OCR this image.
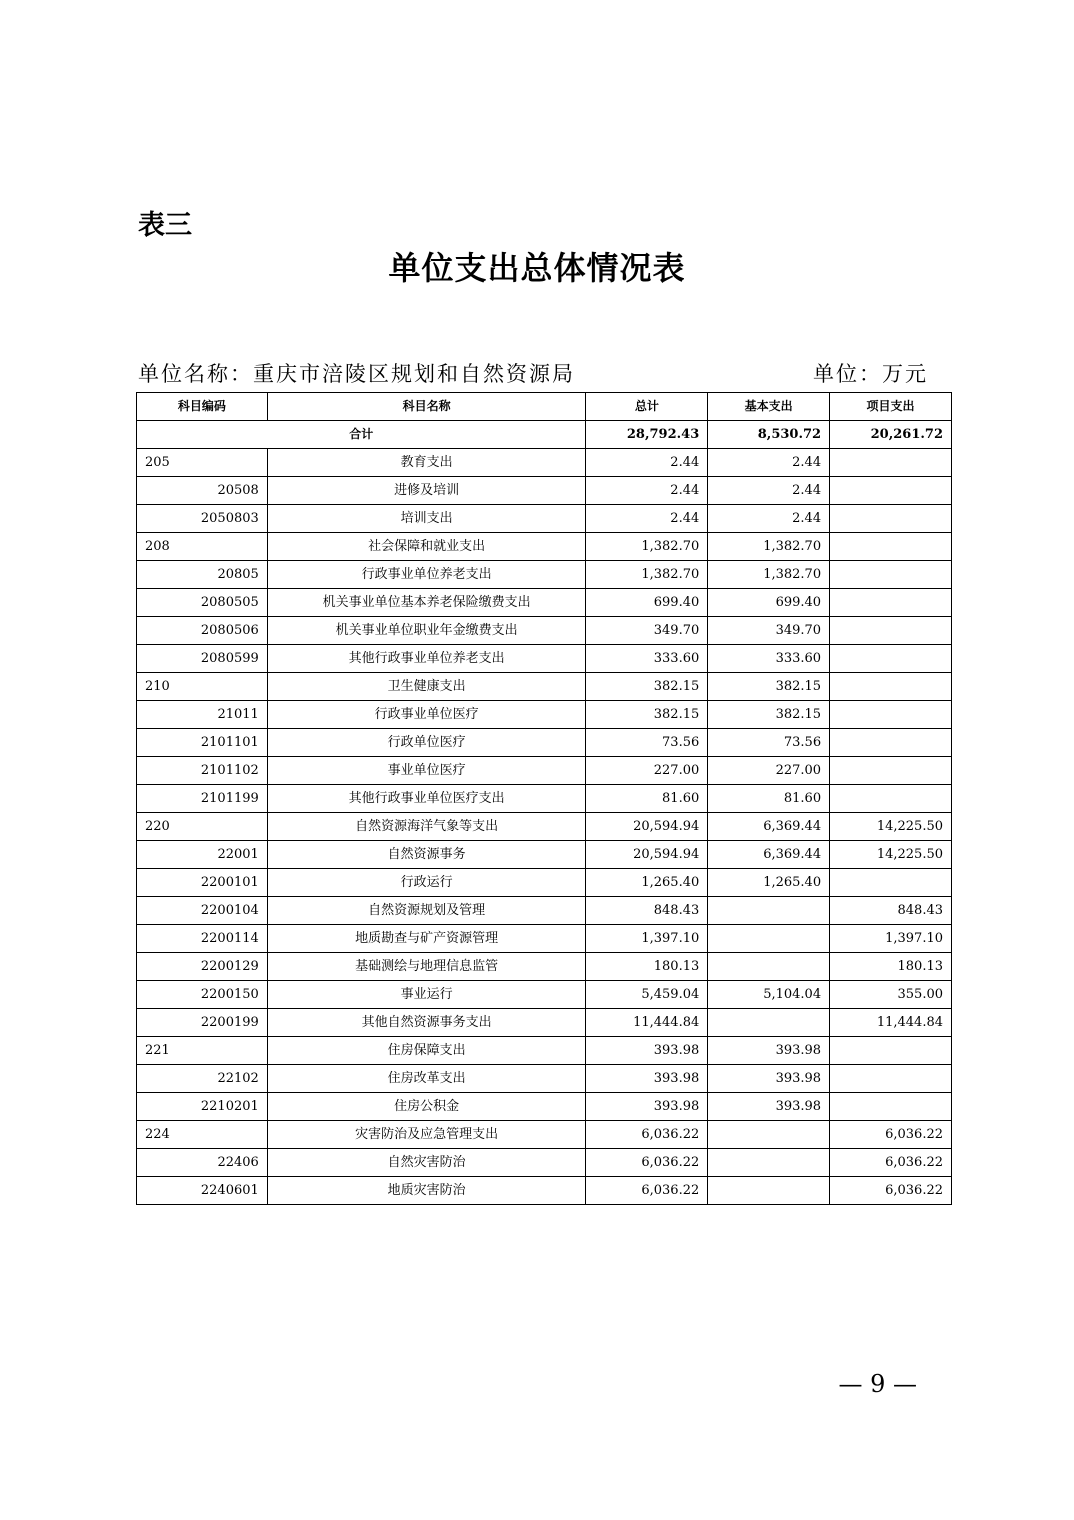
表三
单位支出总体情况表
单位名称：重庆市涪陵区规划和自然资源局	单位：万元
科目编码	科目名称	总计	基本支出	项目支出
合计		28,792.43	8,530.72	20,261.72
205	教育支出	2.44	2.44	
20508	进修及培训	2.44	2.44	
2050803	培训支出	2.44	2.44	
208	社会保障和就业支出	1,382.70	1,382.70	
20805	行政事业单位养老支出	1,382.70	1,382.70	
2080505	机关事业单位基本养老保险缴费支出	699.40	699.40	
2080506	机关事业单位职业年金缴费支出	349.70	349.70	
2080599	其他行政事业单位养老支出	333.60	333.60	
210	卫生健康支出	382.15	382.15	
21011	行政事业单位医疗	382.15	382.15	
2101101	行政单位医疗	73.56	73.56	
2101102	事业单位医疗	227.00	227.00	
2101199	其他行政事业单位医疗支出	81.60	81.60	
220	自然资源海洋气象等支出	20,594.94	6,369.44	14,225.50
22001	自然资源事务	20,594.94	6,369.44	14,225.50
2200101	行政运行	1,265.40	1,265.40	
2200104	自然资源规划及管理	848.43		848.43
2200114	地质勘查与矿产资源管理	1,397.10		1,397.10
2200129	基础测绘与地理信息监管	180.13		180.13
2200150	事业运行	5,459.04	5,104.04	355.00
2200199	其他自然资源事务支出	11,444.84		11,444.84
221	住房保障支出	393.98	393.98	
22102	住房改革支出	393.98	393.98	
2210201	住房公积金	393.98	393.98	
224	灾害防治及应急管理支出	6,036.22		6,036.22
22406	自然灾害防治	6,036.22		6,036.22
2240601	地质灾害防治	6,036.22		6,036.22
— 9 —
